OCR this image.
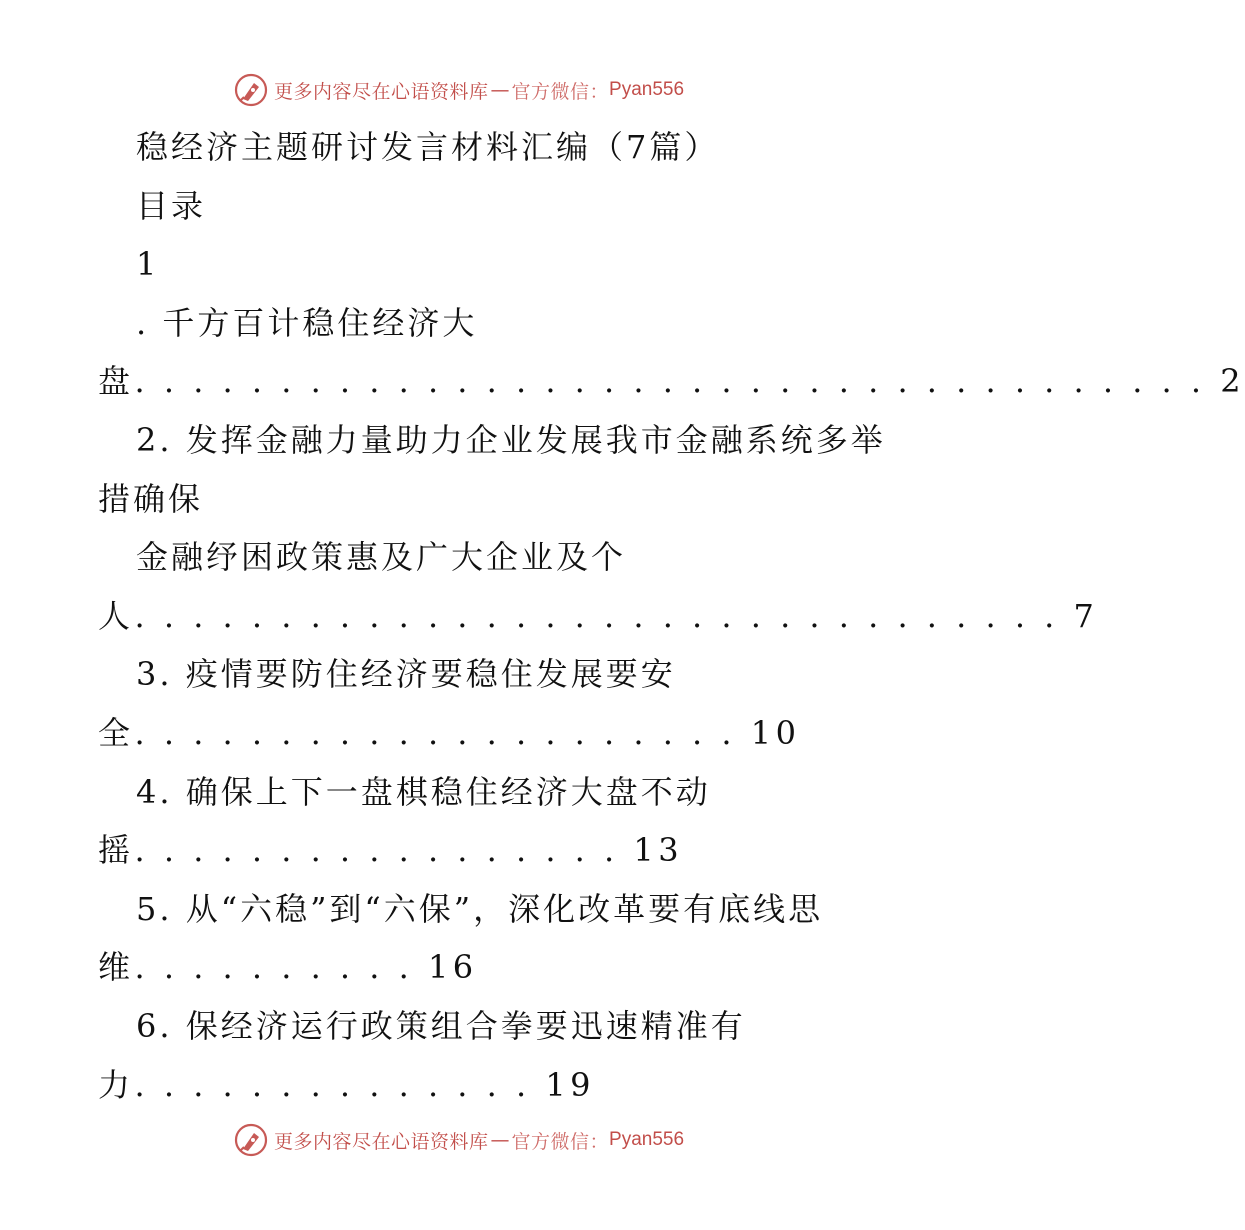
更多内容尽在心语资料库 — 官方微信： Pyan556
稳经济主题研讨发言材料汇编（7篇）
目录
1
. 千方百计稳住经济大
盘. . . . . . . . . . . . . . . . . . . . . . . . . . . . . . . . . . . . . 2
2. 发挥金融力量助力企业发展我市金融系统多举
措确保
金融纾困政策惠及广大企业及个
人. . . . . . . . . . . . . . . . . . . . . . . . . . . . . . . . 7
3. 疫情要防住经济要稳住发展要安
全. . . . . . . . . . . . . . . . . . . . . 10
4. 确保上下一盘棋稳住经济大盘不动
摇. . . . . . . . . . . . . . . . . 13
5. 从“六稳”到“六保”，深化改革要有底线思
维. . . . . . . . . . 16
6. 保经济运行政策组合拳要迅速精准有
力. . . . . . . . . . . . . . 19
更多内容尽在心语资料库 — 官方微信： Pyan556
